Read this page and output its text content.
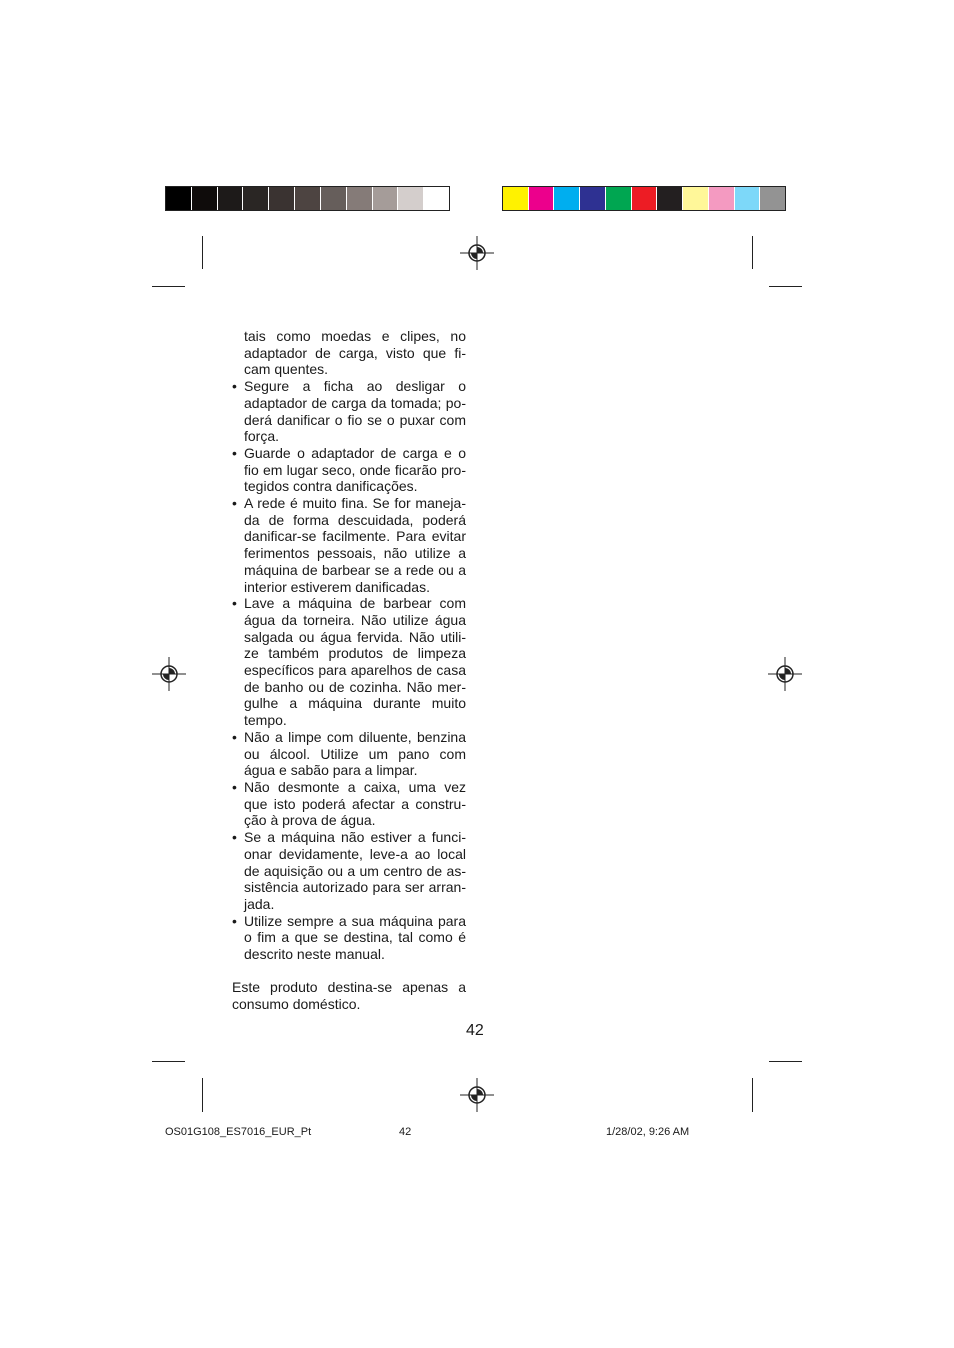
tais como moedas e clipes, no adaptador de carga, visto que fi-cam quentes.

• Segure a ficha ao desligar o adaptador de carga da tomada; po-derá danificar o fio se o puxar com força.
• Guarde o adaptador de carga e o fio em lugar seco, onde ficarão pro-tegidos contra danificações.
• A rede é muito fina. Se for maneja-da de forma descuidada, poderá danificar-se facilmente. Para evitar ferimentos pessoais, não utilize a máquina de barbear se a rede ou a interior estiverem danificadas.
• Lave a máquina de barbear com água da torneira. Não utilize água salgada ou água fervida. Não utili-ze também produtos de limpeza específicos para aparelhos de casa de banho ou de cozinha. Não mer-gulhe a máquina durante muito tempo.
• Não a limpe com diluente, benzina ou álcool. Utilize um pano com água e sabão para a limpar.
• Não desmonte a caixa, uma vez que isto poderá afectar a constru-ção à prova de água.
• Se a máquina não estiver a funci-onar devidamente, leve-a ao local de aquisição ou a um centro de as-sistência autorizado para ser arran-jada.
• Utilize sempre a sua máquina para o fim a que se destina, tal como é descrito neste manual.

Este produto destina-se apenas a consumo doméstico.

42
OS01G108_ES7016_EUR_Pt	42	1/28/02, 9:26 AM
